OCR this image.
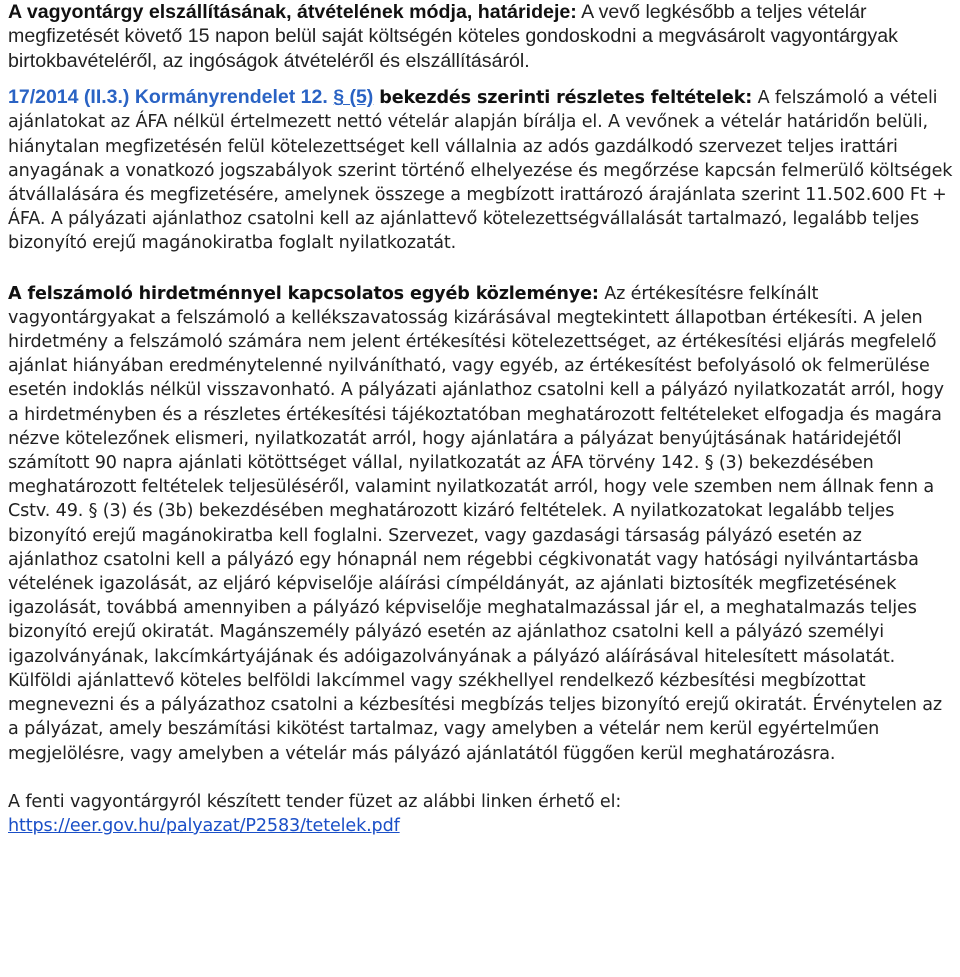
A vagyontárgy elszállításának, átvételének módja, határideje: A vevő legkésőbb a teljes vételár megfizetését követő 15 napon belül saját költségén köteles gondoskodni a megvásárolt vagyontárgyak birtokbavételéről, az ingóságok átvételéről és elszállításáról.

17/2014 (II.3.) Kormányrendelet 12. § (5) bekezdés szerinti részletes feltételek: A felszámoló a vételi ajánlatokat az ÁFA nélkül értelmezett nettó vételár alapján bírálja el. A vevőnek a vételár határidőn belüli, hiánytalan megfizetésén felül kötelezettséget kell vállalnia az adós gazdálkodó szervezet teljes irattári anyagának a vonatkozó jogszabályok szerint történő elhelyezése és megőrzése kapcsán felmerülő költségek átvállalására és megfizetésére, amelynek összege a megbízott irattározó árajánlata szerint 11.502.600 Ft + ÁFA. A pályázati ajánlathoz csatolni kell az ajánlattevő kötelezettségvállalását tartalmazó, legalább teljes bizonyító erejű magánokiratba foglalt nyilatkozatát.

A felszámoló hirdetménnyel kapcsolatos egyéb közleménye: Az értékesítésre felkínált vagyontárgyakat a felszámoló a kellékszavatosság kizárásával megtekintett állapotban értékesíti. A jelen hirdetmény a felszámoló számára nem jelent értékesítési kötelezettséget, az értékesítési eljárás megfelelő ajánlat hiányában eredménytelenné nyilvánítható, vagy egyéb, az értékesítést befolyásoló ok felmerülése esetén indoklás nélkül visszavonható. A pályázati ajánlathoz csatolni kell a pályázó nyilatkozatát arról, hogy a hirdetményben és a részletes értékesítési tájékoztatóban meghatározott feltételeket elfogadja és magára nézve kötelezőnek elismeri, nyilatkozatát arról, hogy ajánlatára a pályázat benyújtásának határidejétől számított 90 napra ajánlati kötöttséget vállal, nyilatkozatát az ÁFA törvény 142. § (3) bekezdésében meghatározott feltételek teljesüléséről, valamint nyilatkozatát arról, hogy vele szemben nem állnak fenn a Cstv. 49. § (3) és (3b) bekezdésében meghatározott kizáró feltételek. A nyilatkozatokat legalább teljes bizonyító erejű magánokiratba kell foglalni. Szervezet, vagy gazdasági társaság pályázó esetén az ajánlathoz csatolni kell a pályázó egy hónapnál nem régebbi cégkivonatát vagy hatósági nyilvántartásba vételének igazolását, az eljáró képviselője aláírási címpéldányát, az ajánlati biztosíték megfizetésének igazolását, továbbá amennyiben a pályázó képviselője meghatalmazással jár el, a meghatalmazás teljes bizonyító erejű okiratát. Magánszemély pályázó esetén az ajánlathoz csatolni kell a pályázó személyi igazolványának, lakcímkártyájának és adóigazolványának a pályázó aláírásával hitelesített másolatát. Külföldi ajánlattevő köteles belföldi lakcímmel vagy székhellyel rendelkező kézbesítési megbízottat megnevezni és a pályázathoz csatolni a kézbesítési megbízás teljes bizonyító erejű okiratát. Érvénytelen az a pályázat, amely beszámítási kikötést tartalmaz, vagy amelyben a vételár nem kerül egyértelműen megjelölésre, vagy amelyben a vételár más pályázó ajánlatától függően kerül meghatározásra.

A fenti vagyontárgyról készített tender füzet az alábbi linken érhető el:
https://eer.gov.hu/palyazat/P2583/tetelek.pdf
